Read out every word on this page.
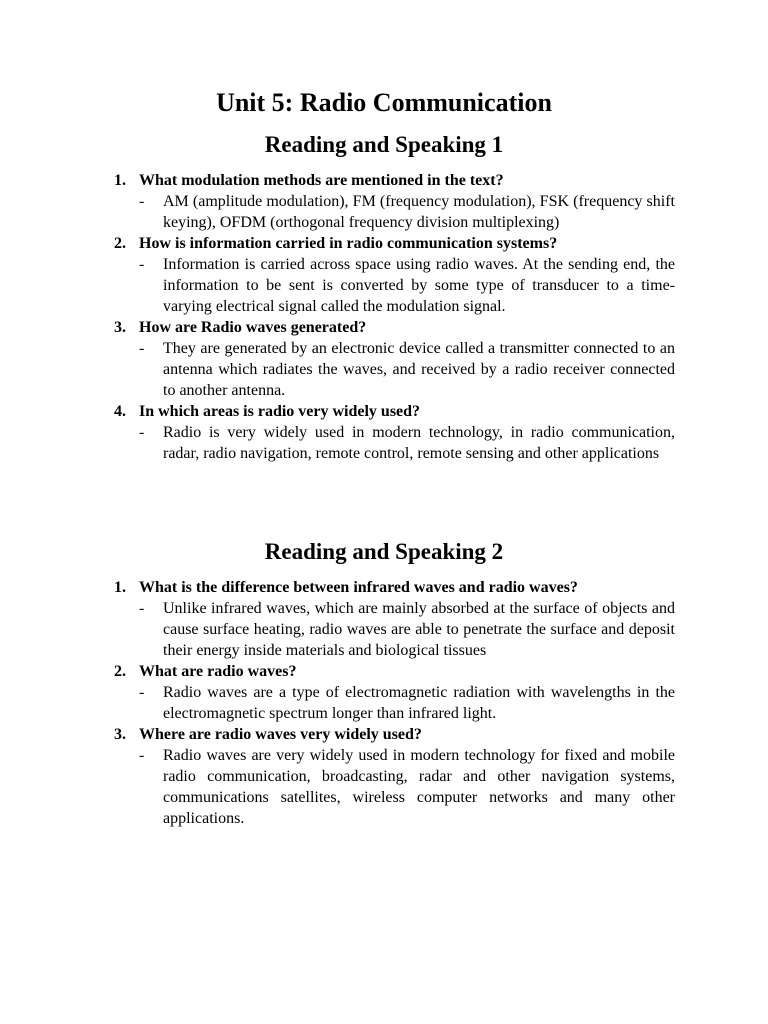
Unit 5: Radio Communication
Reading and Speaking 1
1. What modulation methods are mentioned in the text?
-	AM (amplitude modulation), FM (frequency modulation), FSK (frequency shift keying), OFDM (orthogonal frequency division multiplexing)
2. How is information carried in radio communication systems?
-	Information is carried across space using radio waves. At the sending end, the information to be sent is converted by some type of transducer to a time-varying electrical signal called the modulation signal.
3. How are Radio waves generated?
-	They are generated by an electronic device called a transmitter connected to an antenna which radiates the waves, and received by a radio receiver connected to another antenna.
4. In which areas is radio very widely used?
-	Radio is very widely used in modern technology, in radio communication, radar, radio navigation, remote control, remote sensing and other applications
Reading and Speaking 2
1. What is the difference between infrared waves and radio waves?
-	Unlike infrared waves, which are mainly absorbed at the surface of objects and cause surface heating, radio waves are able to penetrate the surface and deposit their energy inside materials and biological tissues
2. What are radio waves?
-	Radio waves are a type of electromagnetic radiation with wavelengths in the electromagnetic spectrum longer than infrared light.
3. Where are radio waves very widely used?
-	Radio waves are very widely used in modern technology for fixed and mobile radio communication, broadcasting, radar and other navigation systems, communications satellites, wireless computer networks and many other applications.
